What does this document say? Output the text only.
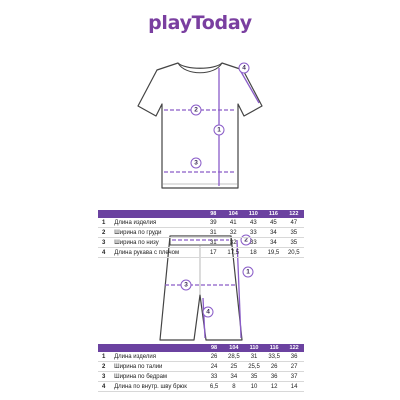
playToday
1
2
3
4
1
2
3
4
		98	104	110	116	122
1	Длина изделия	39	41	43	45	47
2	Ширина по груди	31	32	33	34	35
3	Ширина по низу	31	32	33	34	35
4	Длина рукава с плечом	17	17,5	18	19,5	20,5
		98	104	110	116	122
1	Длина изделия	26	28,5	31	33,5	36
2	Ширина по талии	24	25	25,5	26	27
3	Ширина по бедрам	33	34	35	36	37
4	Длина по внутр. шву брюк	6,5	8	10	12	14
